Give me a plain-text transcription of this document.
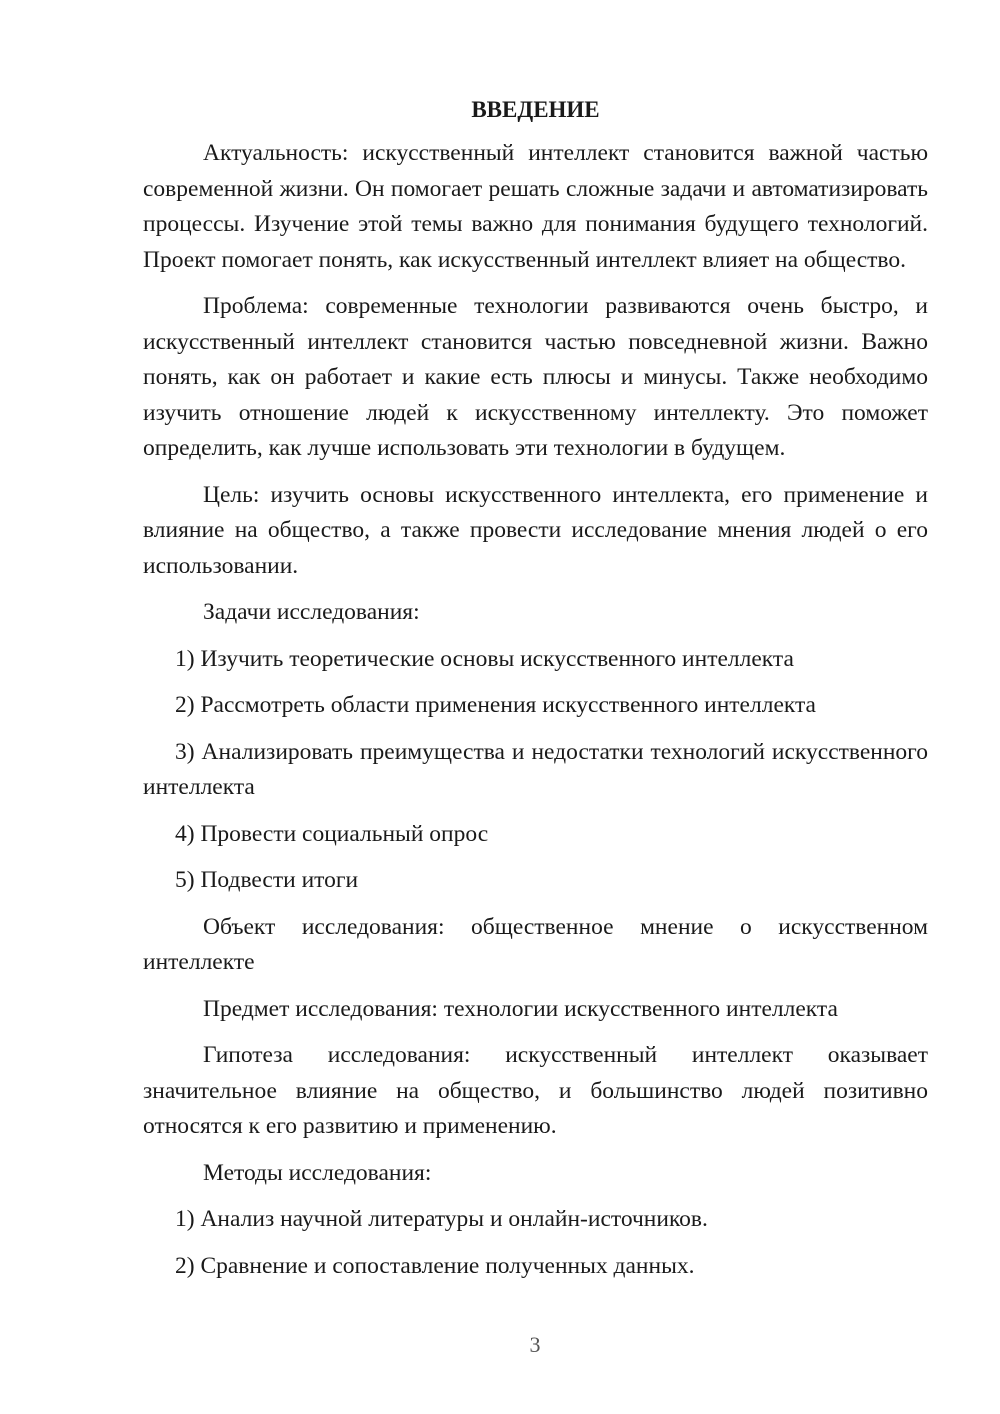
ВВЕДЕНИЕ
Актуальность: искусственный интеллект становится важной частью современной жизни. Он помогает решать сложные задачи и автоматизировать процессы. Изучение этой темы важно для понимания будущего технологий. Проект помогает понять, как искусственный интеллект влияет на общество.
Проблема: современные технологии развиваются очень быстро, и искусственный интеллект становится частью повседневной жизни. Важно понять, как он работает и какие есть плюсы и минусы. Также необходимо изучить отношение людей к искусственному интеллекту. Это поможет определить, как лучше использовать эти технологии в будущем.
Цель: изучить основы искусственного интеллекта, его применение и влияние на общество, а также провести исследование мнения людей о его использовании.
Задачи исследования:
1) Изучить теоретические основы искусственного интеллекта
2) Рассмотреть области применения искусственного интеллекта
3) Анализировать преимущества и недостатки технологий искусственного интеллекта
4) Провести социальный опрос
5) Подвести итоги
Объект исследования: общественное мнение о искусственном интеллекте
Предмет исследования: технологии искусственного интеллекта
Гипотеза исследования: искусственный интеллект оказывает значительное влияние на общество, и большинство людей позитивно относятся к его развитию и применению.
Методы исследования:
1) Анализ научной литературы и онлайн-источников.
2) Сравнение и сопоставление полученных данных.
3
